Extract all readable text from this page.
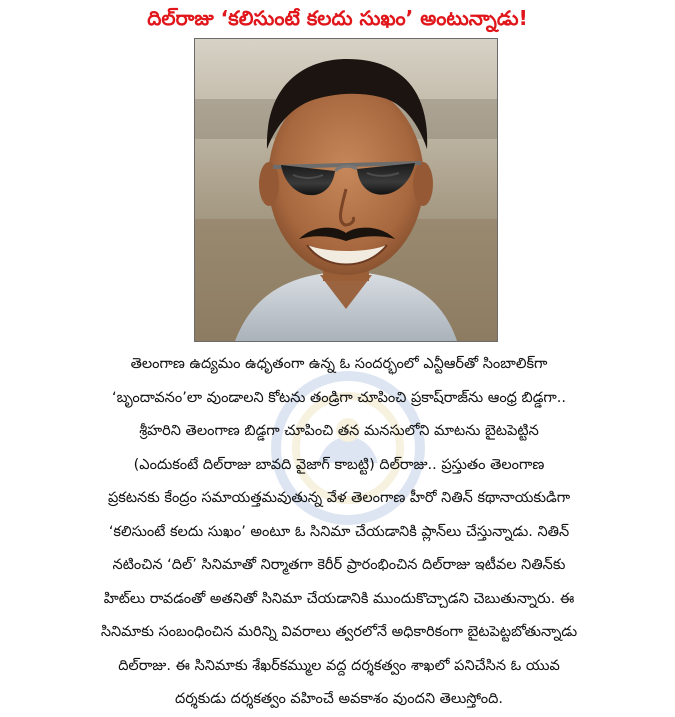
దిల్‌రాజు ‘కలిసుంటే కలదు సుఖం’ అంటున్నాడు!
తెలంగాణ ఉద్యమం ఉధృతంగా ఉన్న ఓ సందర్భంలో ఎన్టీఆర్‌తో సింబాలిక్‌గా
‘బృందావనం’లా వుండాలని కోటను తండ్రిగా చూపించి ప్రకాష్‌రాజ్‌ను ఆంధ్ర బిడ్డగా..
శ్రీహరిని తెలంగాణ బిడ్డగా చూపించి తన మనసులోని మాటను బైటపెట్టిన
(ఎందుకంటే దిల్‌రాజు బావది వైజాగ్ కాబట్టి) దిల్‌రాజు.. ప్రస్తుతం తెలంగాణ
ప్రకటనకు కేంద్రం సమాయత్తమవుతున్న వేళ తెలంగాణ హీరో నితిన్ కథానాయకుడిగా
‘కలిసుంటే కలదు సుఖం’ అంటూ ఓ సినిమా చేయడానికి ప్లాన్‌లు చేస్తున్నాడు. నితిన్
నటించిన ‘దిల్’ సినిమాతో నిర్మాతగా కెరీర్ ప్రారంభించిన దిల్‌రాజు ఇటీవల నితిన్‌కు
హిట్‌లు రావడంతో అతనితో సినిమా చేయడానికి ముందుకొచ్చాడని చెబుతున్నారు. ఈ
సినిమాకు సంబంధించిన మరిన్ని వివరాలు త్వరలోనే అధికారికంగా బైటపెట్టబోతున్నాడు
దిల్‌రాజు. ఈ సినిమాకు శేఖర్‌కమ్ముల వద్ద దర్శకత్వం శాఖలో పనిచేసిన ఓ యువ
దర్శకుడు దర్శకత్వం వహించే అవకాశం వుందని తెలుస్తోంది.
